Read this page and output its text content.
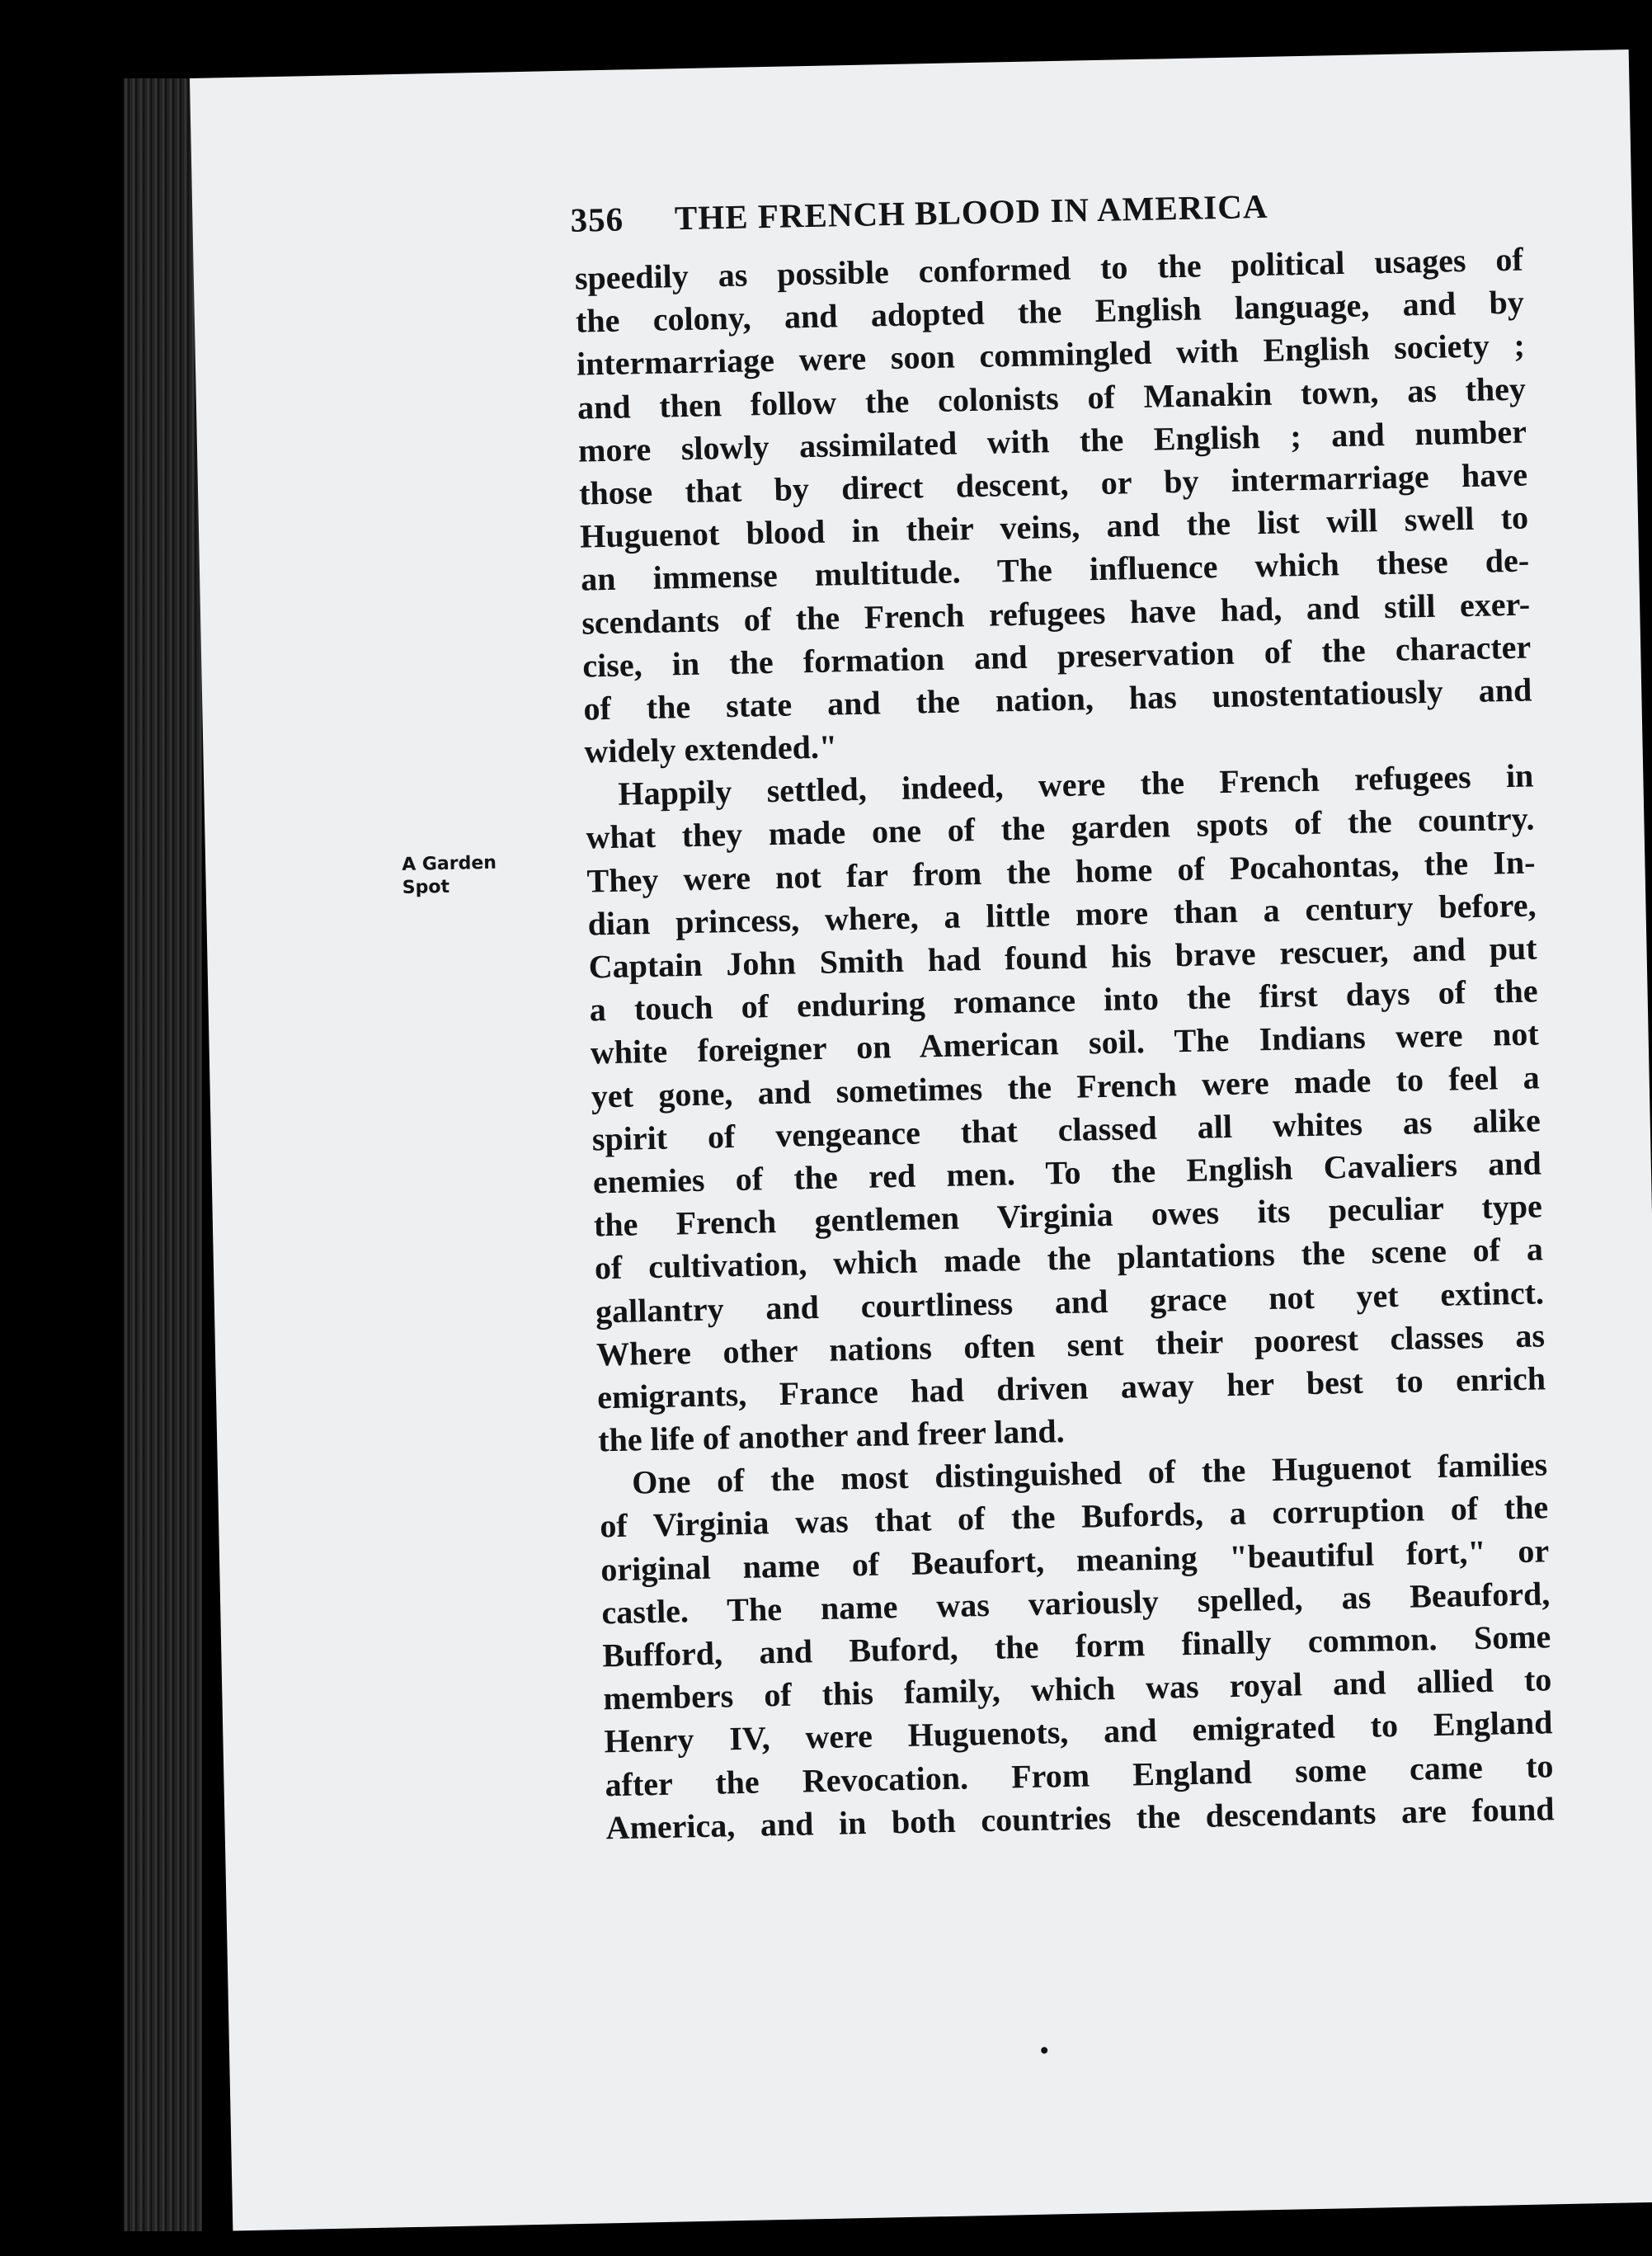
356 THE FRENCH BLOOD IN AMERICA
A Garden
Spot
speedily as possible conformed to the political usages of
the colony, and adopted the English language, and by
intermarriage were soon commingled with English society ;
and then follow the colonists of Manakin town, as they
more slowly assimilated with the English ; and number
those that by direct descent, or by intermarriage have
Huguenot blood in their veins, and the list will swell to
an immense multitude. The influence which these de-
scendants of the French refugees have had, and still exer-
cise, in the formation and preservation of the character
of the state and the nation, has unostentatiously and
widely extended."
Happily settled, indeed, were the French refugees in
what they made one of the garden spots of the country.
They were not far from the home of Pocahontas, the In-
dian princess, where, a little more than a century before,
Captain John Smith had found his brave rescuer, and put
a touch of enduring romance into the first days of the
white foreigner on American soil. The Indians were not
yet gone, and sometimes the French were made to feel a
spirit of vengeance that classed all whites as alike
enemies of the red men. To the English Cavaliers and
the French gentlemen Virginia owes its peculiar type
of cultivation, which made the plantations the scene of a
gallantry and courtliness and grace not yet extinct.
Where other nations often sent their poorest classes as
emigrants, France had driven away her best to enrich
the life of another and freer land.
One of the most distinguished of the Huguenot families
of Virginia was that of the Bufords, a corruption of the
original name of Beaufort, meaning "beautiful fort," or
castle. The name was variously spelled, as Beauford,
Bufford, and Buford, the form finally common. Some
members of this family, which was royal and allied to
Henry IV, were Huguenots, and emigrated to England
after the Revocation. From England some came to
America, and in both countries the descendants are found
